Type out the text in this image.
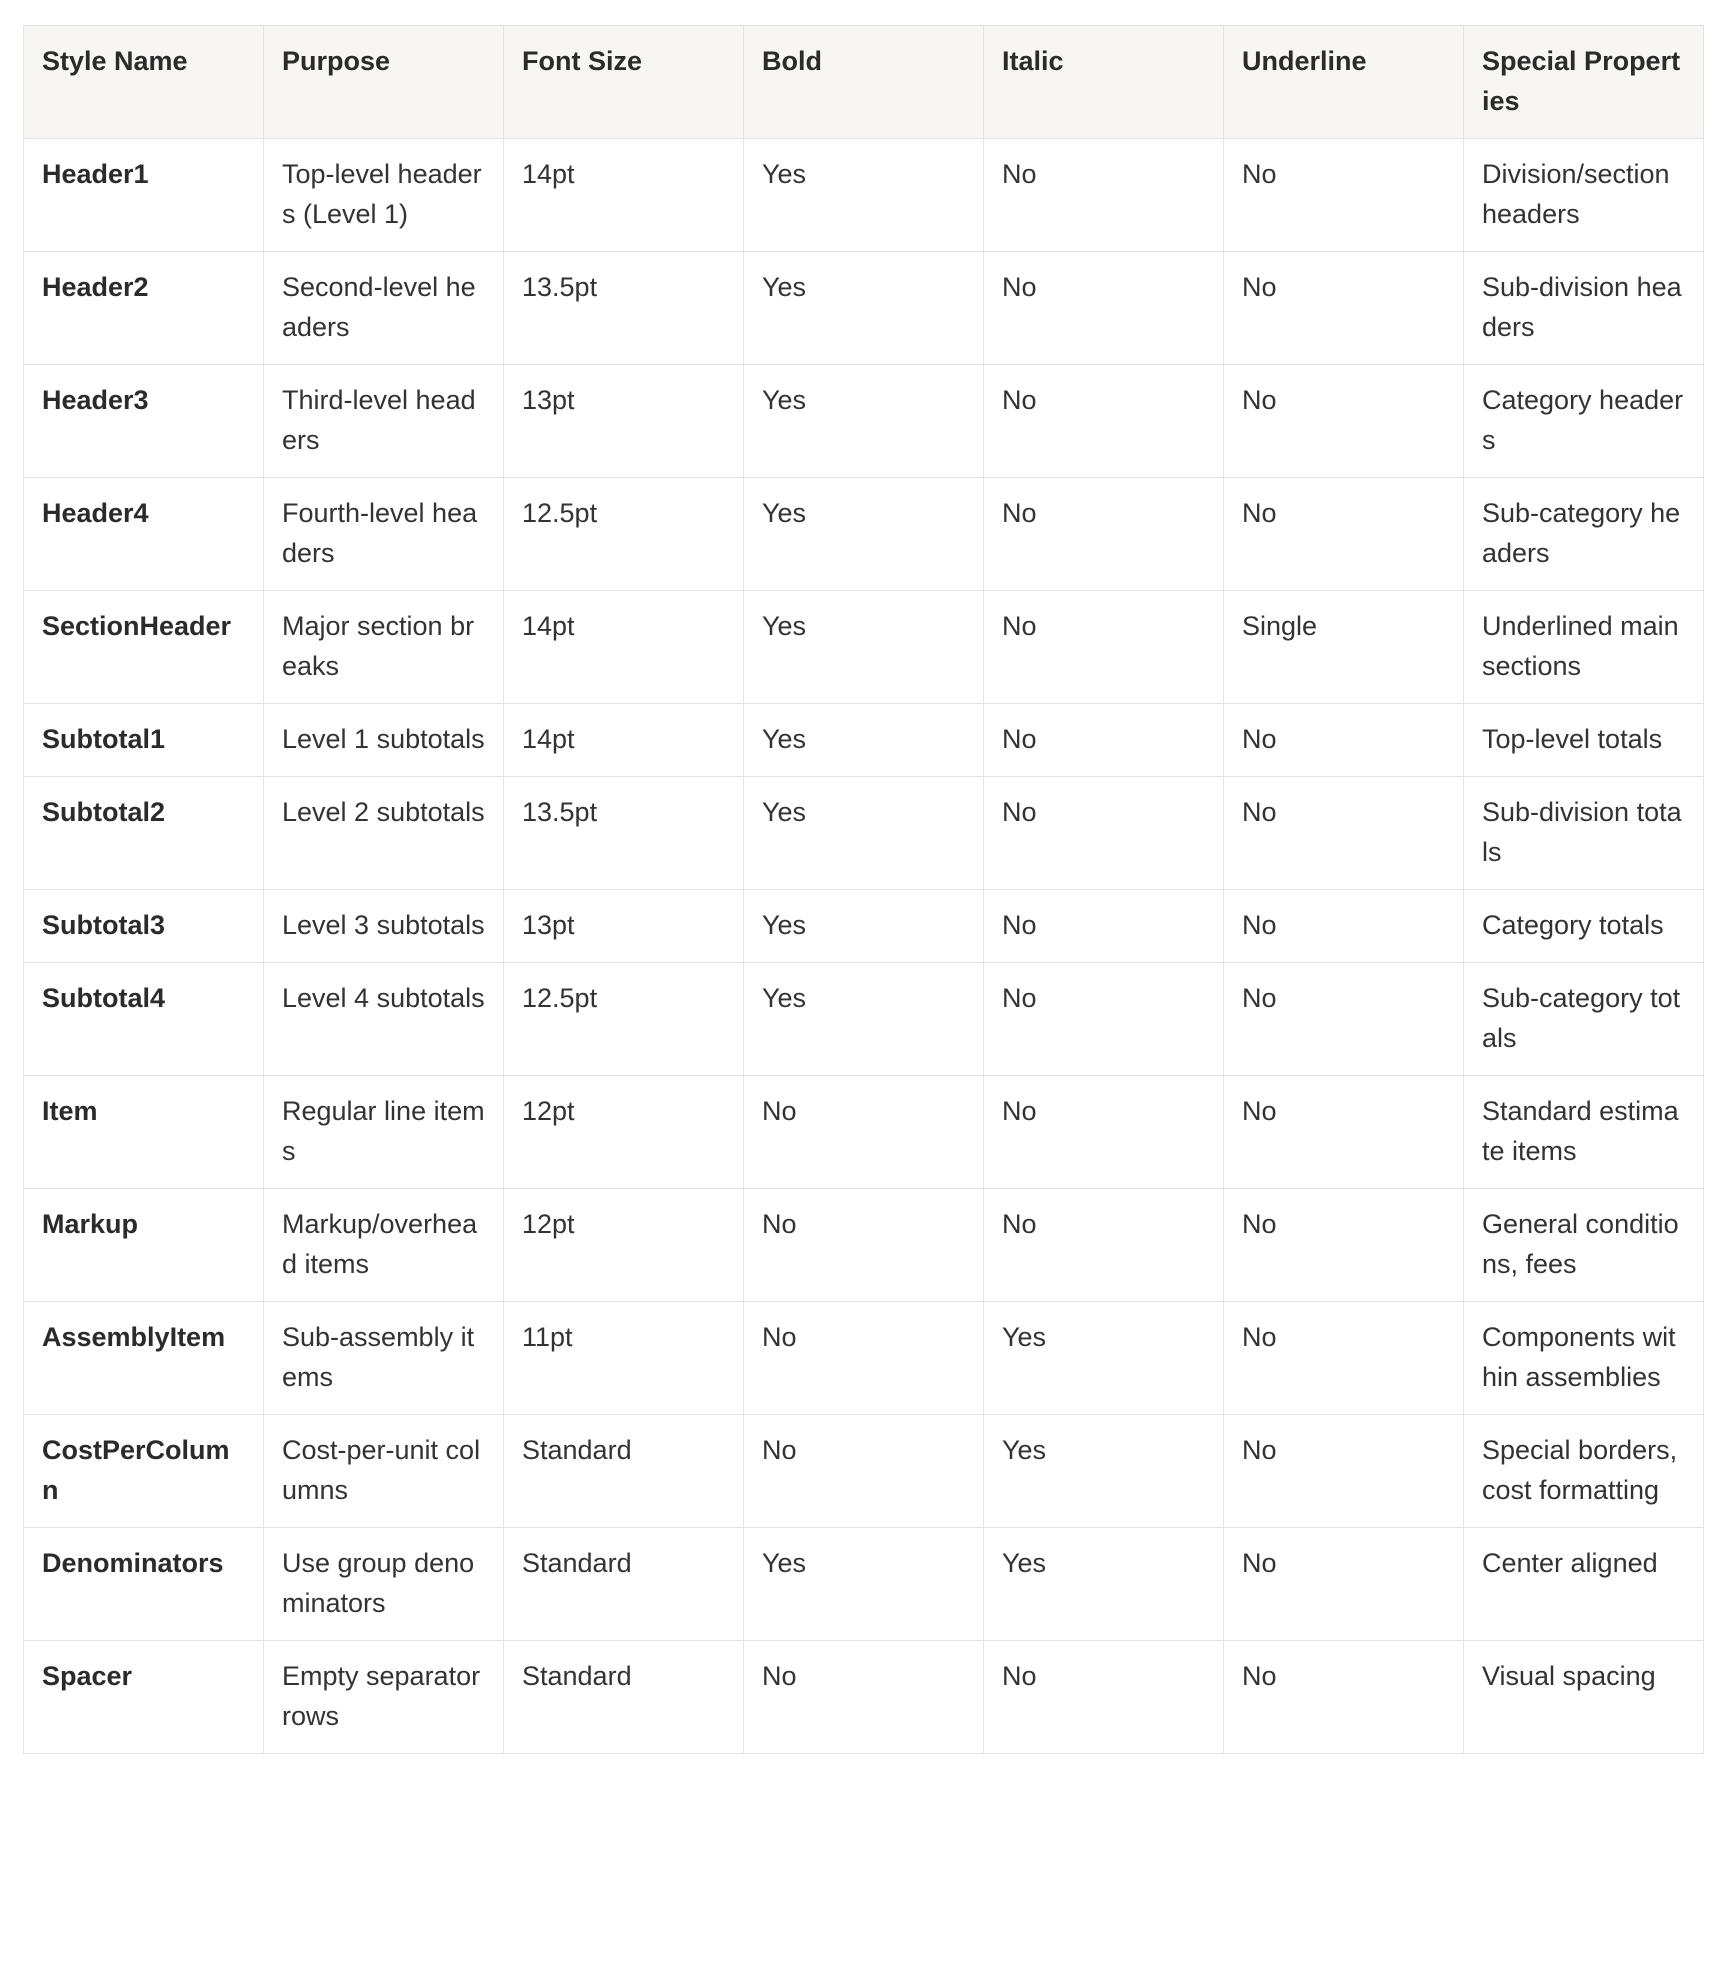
Style Name	Purpose	Font Size	Bold	Italic	Underline	Special Properties
Header1	Top-level headers (Level 1)	14pt	Yes	No	No	Division/section headers
Header2	Second-level headers	13.5pt	Yes	No	No	Sub-division headers
Header3	Third-level headers	13pt	Yes	No	No	Category headers
Header4	Fourth-level headers	12.5pt	Yes	No	No	Sub-category headers
SectionHeader	Major section breaks	14pt	Yes	No	Single	Underlined main sections
Subtotal1	Level 1 subtotals	14pt	Yes	No	No	Top-level totals
Subtotal2	Level 2 subtotals	13.5pt	Yes	No	No	Sub-division totals
Subtotal3	Level 3 subtotals	13pt	Yes	No	No	Category totals
Subtotal4	Level 4 subtotals	12.5pt	Yes	No	No	Sub-category totals
Item	Regular line items	12pt	No	No	No	Standard estimate items
Markup	Markup/overhead items	12pt	No	No	No	General conditions, fees
AssemblyItem	Sub-assembly items	11pt	No	Yes	No	Components within assemblies
CostPerColumn	Cost-per-unit columns	Standard	No	Yes	No	Special borders, cost formatting
Denominators	Use group denominators	Standard	Yes	Yes	No	Center aligned
Spacer	Empty separator rows	Standard	No	No	No	Visual spacing
